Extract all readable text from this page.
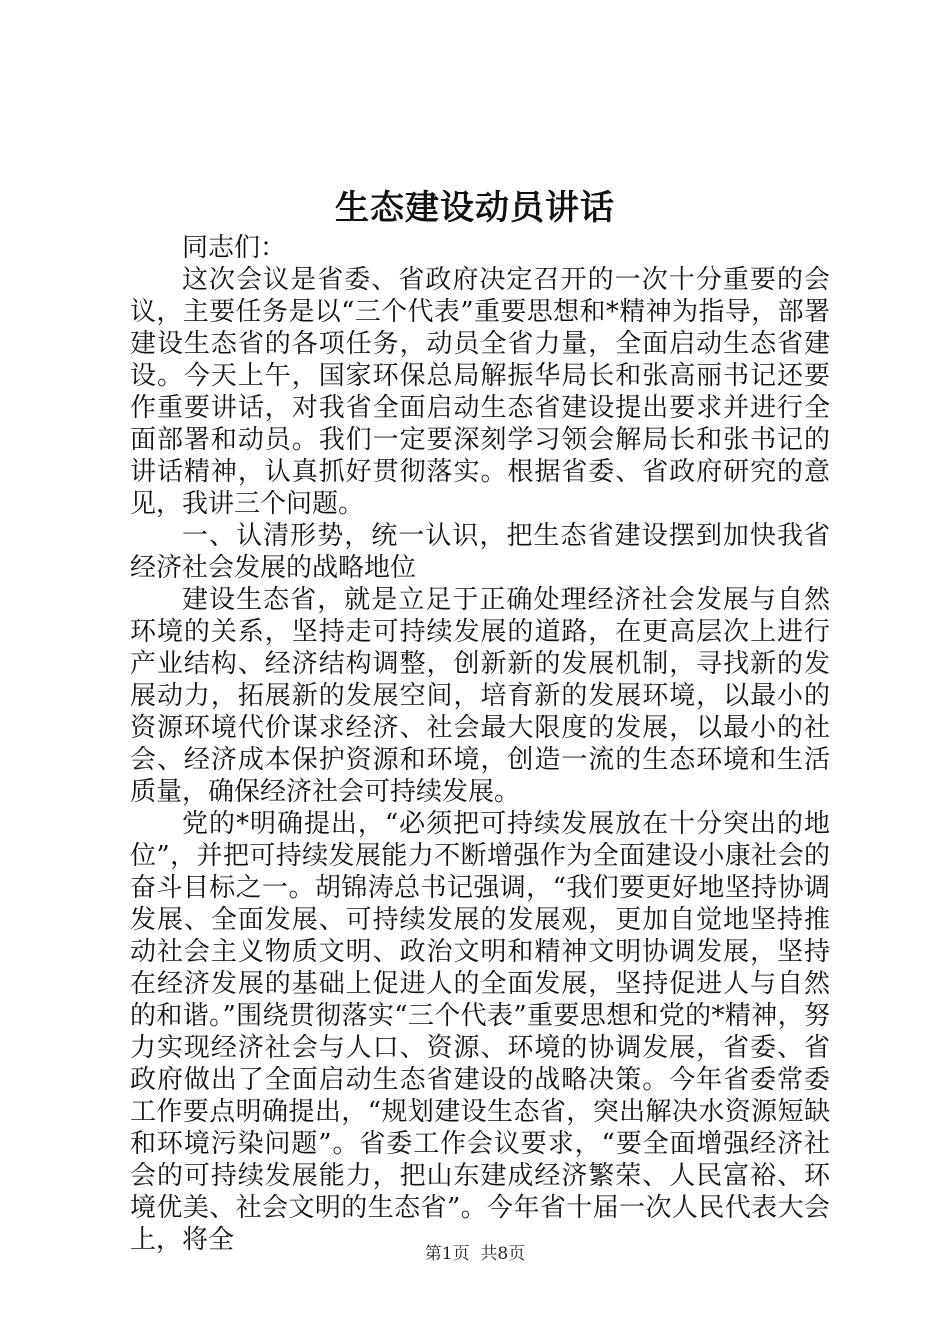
生态建设动员讲话

同志们：

这次会议是省委、省政府决定召开的一次十分重要的会议，主要任务是以“三个代表”重要思想和*精神为指导，部署建设生态省的各项任务，动员全省力量，全面启动生态省建设。今天上午，国家环保总局解振华局长和张高丽书记还要作重要讲话，对我省全面启动生态省建设提出要求并进行全面部署和动员。我们一定要深刻学习领会解局长和张书记的讲话精神，认真抓好贯彻落实。根据省委、省政府研究的意见，我讲三个问题。

一、认清形势，统一认识，把生态省建设摆到加快我省经济社会发展的战略地位

建设生态省，就是立足于正确处理经济社会发展与自然环境的关系，坚持走可持续发展的道路，在更高层次上进行产业结构、经济结构调整，创新新的发展机制，寻找新的发展动力，拓展新的发展空间，培育新的发展环境，以最小的资源环境代价谋求经济、社会最大限度的发展，以最小的社会、经济成本保护资源和环境，创造一流的生态环境和生活质量，确保经济社会可持续发展。

党的*明确提出，“必须把可持续发展放在十分突出的地位”，并把可持续发展能力不断增强作为全面建设小康社会的奋斗目标之一。胡锦涛总书记强调，“我们要更好地坚持协调发展、全面发展、可持续发展的发展观，更加自觉地坚持推动社会主义物质文明、政治文明和精神文明协调发展，坚持在经济发展的基础上促进人的全面发展，坚持促进人与自然的和谐。”围绕贯彻落实“三个代表”重要思想和党的*精神，努力实现经济社会与人口、资源、环境的协调发展，省委、省政府做出了全面启动生态省建设的战略决策。今年省委常委工作要点明确提出，“规划建设生态省，突出解决水资源短缺和环境污染问题”。省委工作会议要求，“要全面增强经济社会的可持续发展能力，把山东建成经济繁荣、人民富裕、环境优美、社会文明的生态省”。今年省十届一次人民代表大会上，将全	第1页 共8页
